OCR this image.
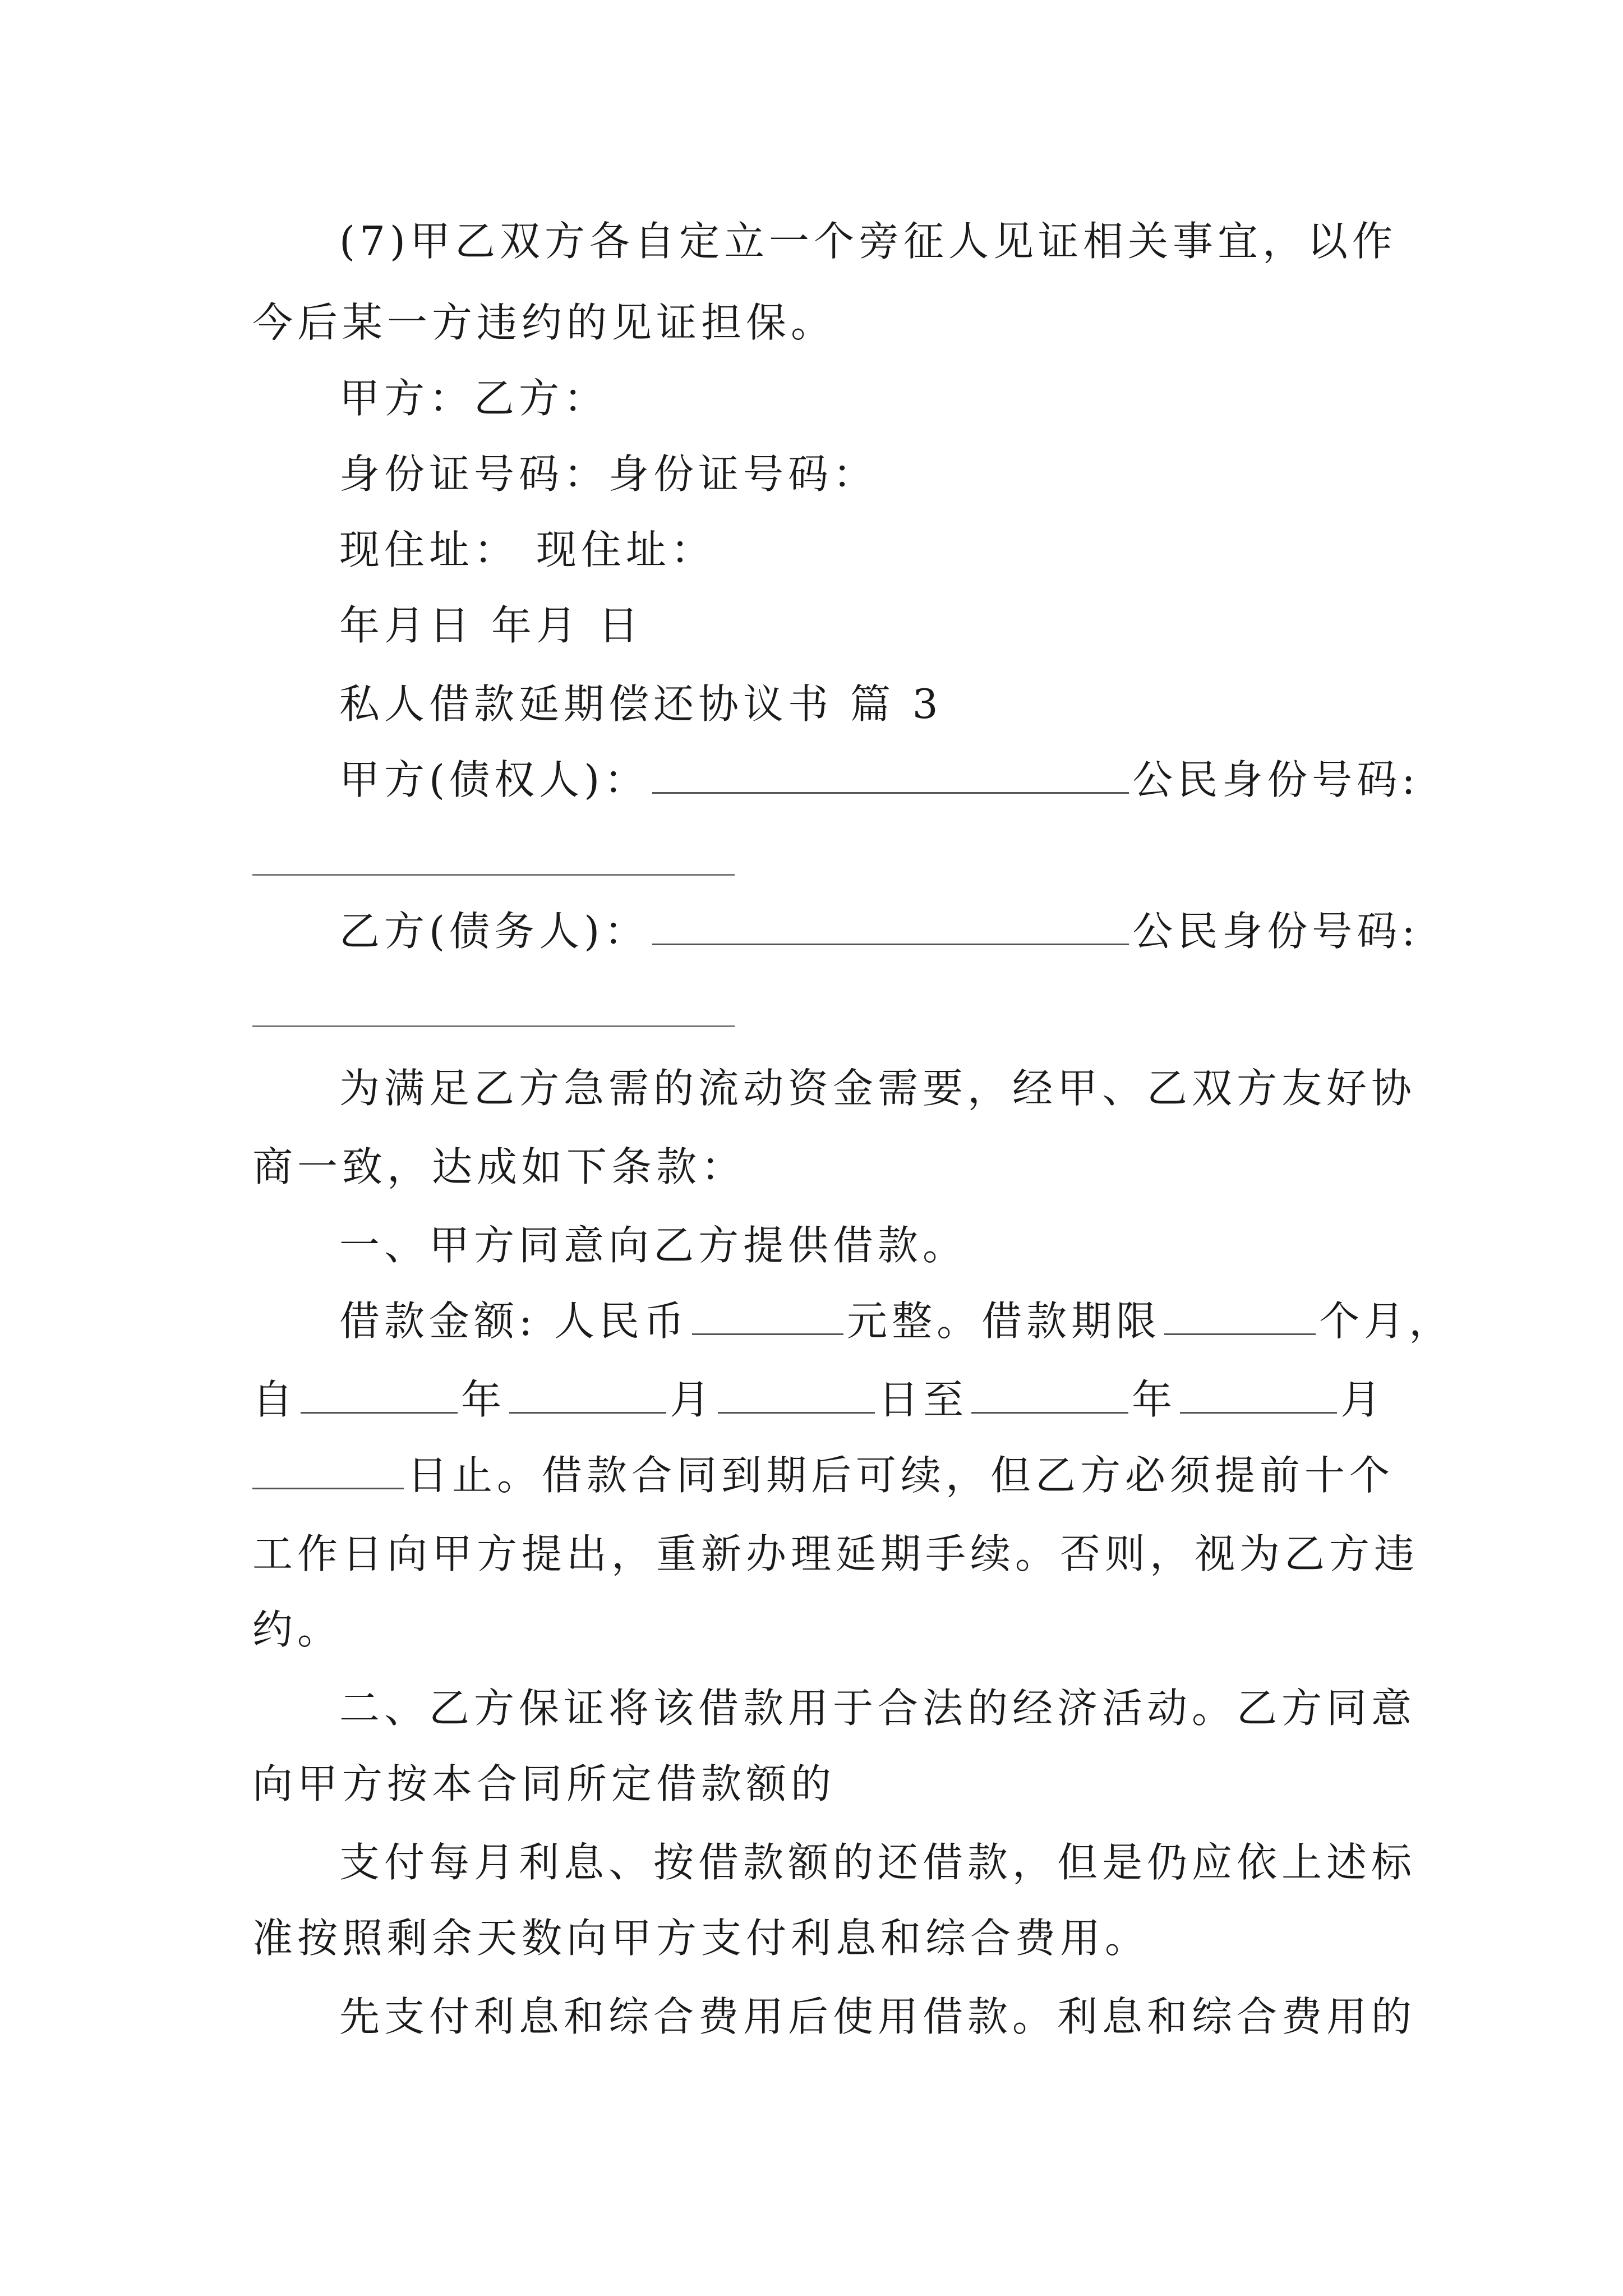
(7)甲乙双方各自定立一个旁征人见证相关事宜，以作
今后某一方违约的见证担保。
甲方：乙方：
身份证号码：身份证号码：
现住址： 现住址：
年月日 年月 日
私人借款延期偿还协议书 篇 3
甲方(债权人)：	公民身份号码:
乙方(债务人)：	公民身份号码:
为满足乙方急需的流动资金需要，经甲、乙双方友好协
商一致，达成如下条款：
一、甲方同意向乙方提供借款。
借款金额: 人民币	元整。借款期限	个月，
自	年	月	日至	年	月
日止。借款合同到期后可续，但乙方必须提前十个
工作日向甲方提出，重新办理延期手续。否则，视为乙方违
约。
二、乙方保证将该借款用于合法的经济活动。乙方同意
向甲方按本合同所定借款额的
支付每月利息、按借款额的还借款，但是仍应依上述标
准按照剩余天数向甲方支付利息和综合费用。
先支付利息和综合费用后使用借款。利息和综合费用的
